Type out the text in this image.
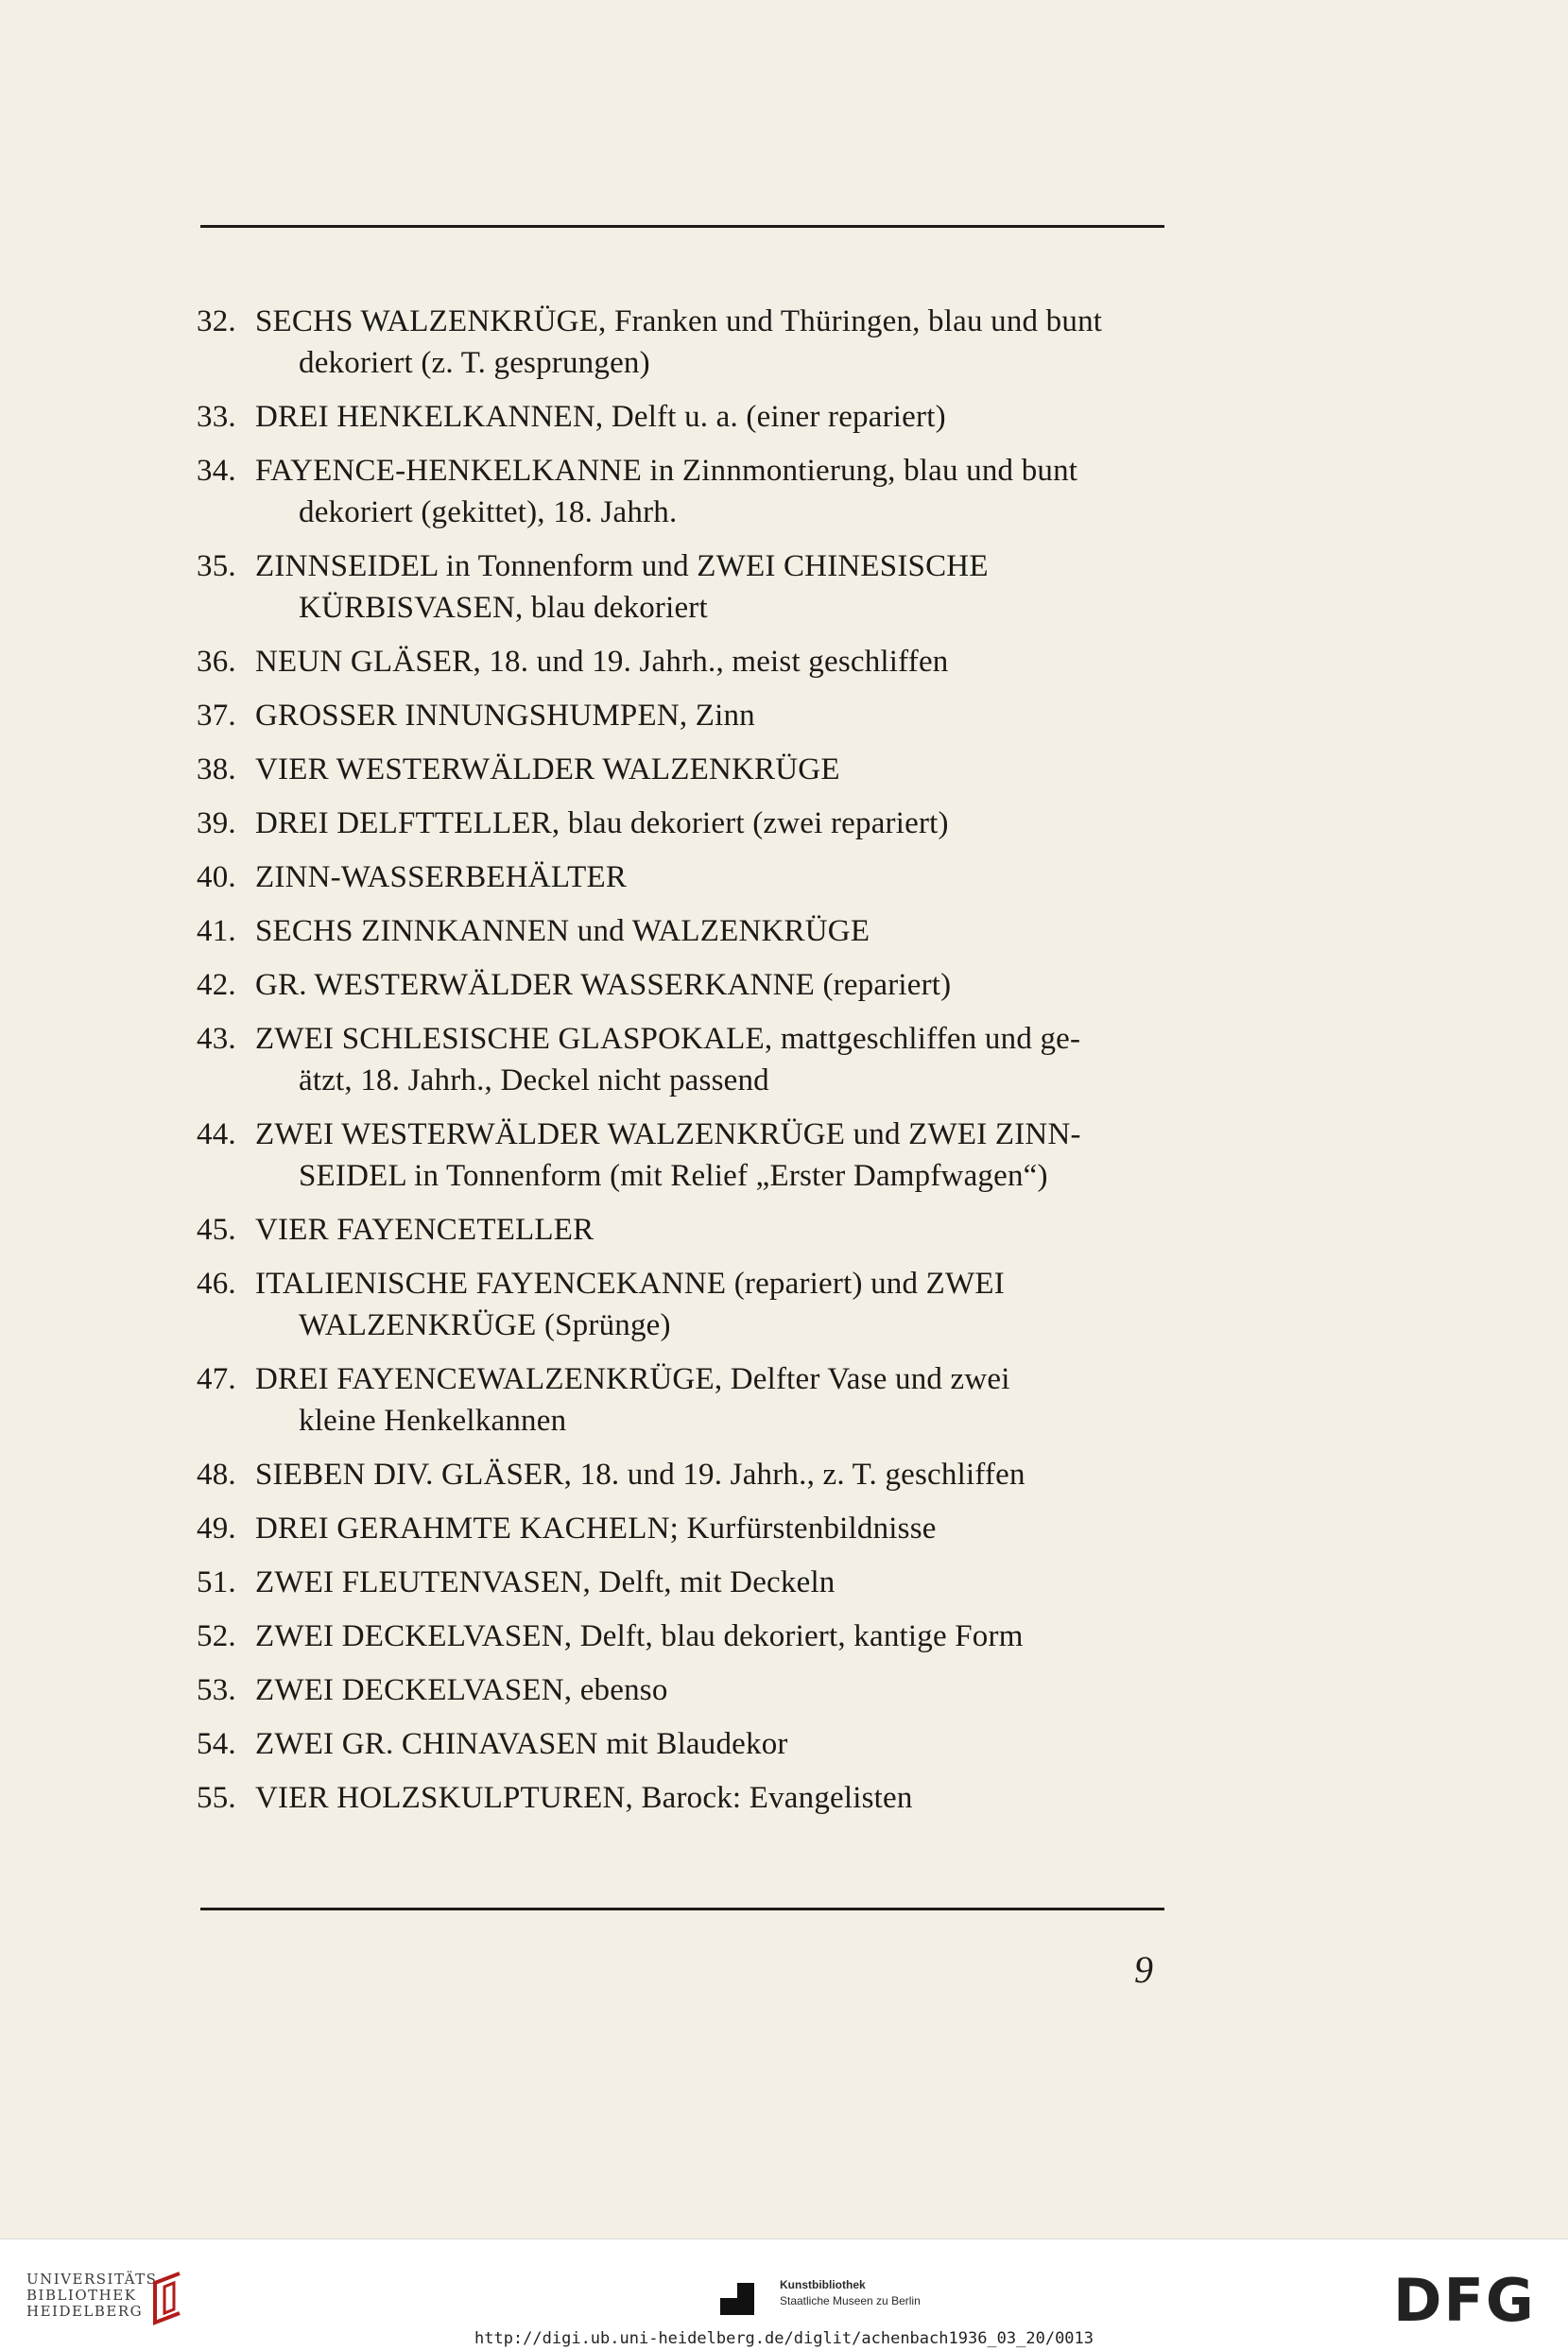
32. SECHS WALZENKRÜGE, Franken und Thüringen, blau und bunt
dekoriert (z. T. gesprungen)
33. DREI HENKELKANNEN, Delft u. a. (einer repariert)
34. FAYENCE-HENKELKANNE in Zinnmontierung, blau und bunt
dekoriert (gekittet), 18. Jahrh.
35. ZINNSEIDEL in Tonnenform und ZWEI CHINESISCHE
KÜRBISVASEN, blau dekoriert
36. NEUN GLÄSER, 18. und 19. Jahrh., meist geschliffen
37. GROSSER INNUNGSHUMPEN, Zinn
38. VIER WESTERWÄLDER WALZENKRÜGE
39. DREI DELFTTELLER, blau dekoriert (zwei repariert)
40. ZINN-WASSERBEHÄLTER
41. SECHS ZINNKANNEN und WALZENKRÜGE
42. GR. WESTERWÄLDER WASSERKANNE (repariert)
43. ZWEI SCHLESISCHE GLASPOKALE, mattgeschliffen und ge-
ätzt, 18. Jahrh., Deckel nicht passend
44. ZWEI WESTERWÄLDER WALZENKRÜGE und ZWEI ZINN-
SEIDEL in Tonnenform (mit Relief „Erster Dampfwagen“)
45. VIER FAYENCETELLER
46. ITALIENISCHE FAYENCEKANNE (repariert) und ZWEI
WALZENKRÜGE (Sprünge)
47. DREI FAYENCEWALZENKRÜGE, Delfter Vase und zwei
kleine Henkelkannen
48. SIEBEN DIV. GLÄSER, 18. und 19. Jahrh., z. T. geschliffen
49. DREI GERAHMTE KACHELN; Kurfürstenbildnisse
51. ZWEI FLEUTENVASEN, Delft, mit Deckeln
52. ZWEI DECKELVASEN, Delft, blau dekoriert, kantige Form
53. ZWEI DECKELVASEN, ebenso
54. ZWEI GR. CHINAVASEN mit Blaudekor
55. VIER HOLZSKULPTUREN, Barock: Evangelisten
9
UNIVERSITÄTS-
BIBLIOTHEK
HEIDELBERG
Kunstbibliothek
Staatliche Museen zu Berlin	DFG
http://digi.ub.uni-heidelberg.de/diglit/achenbach1936_03_20/0013
